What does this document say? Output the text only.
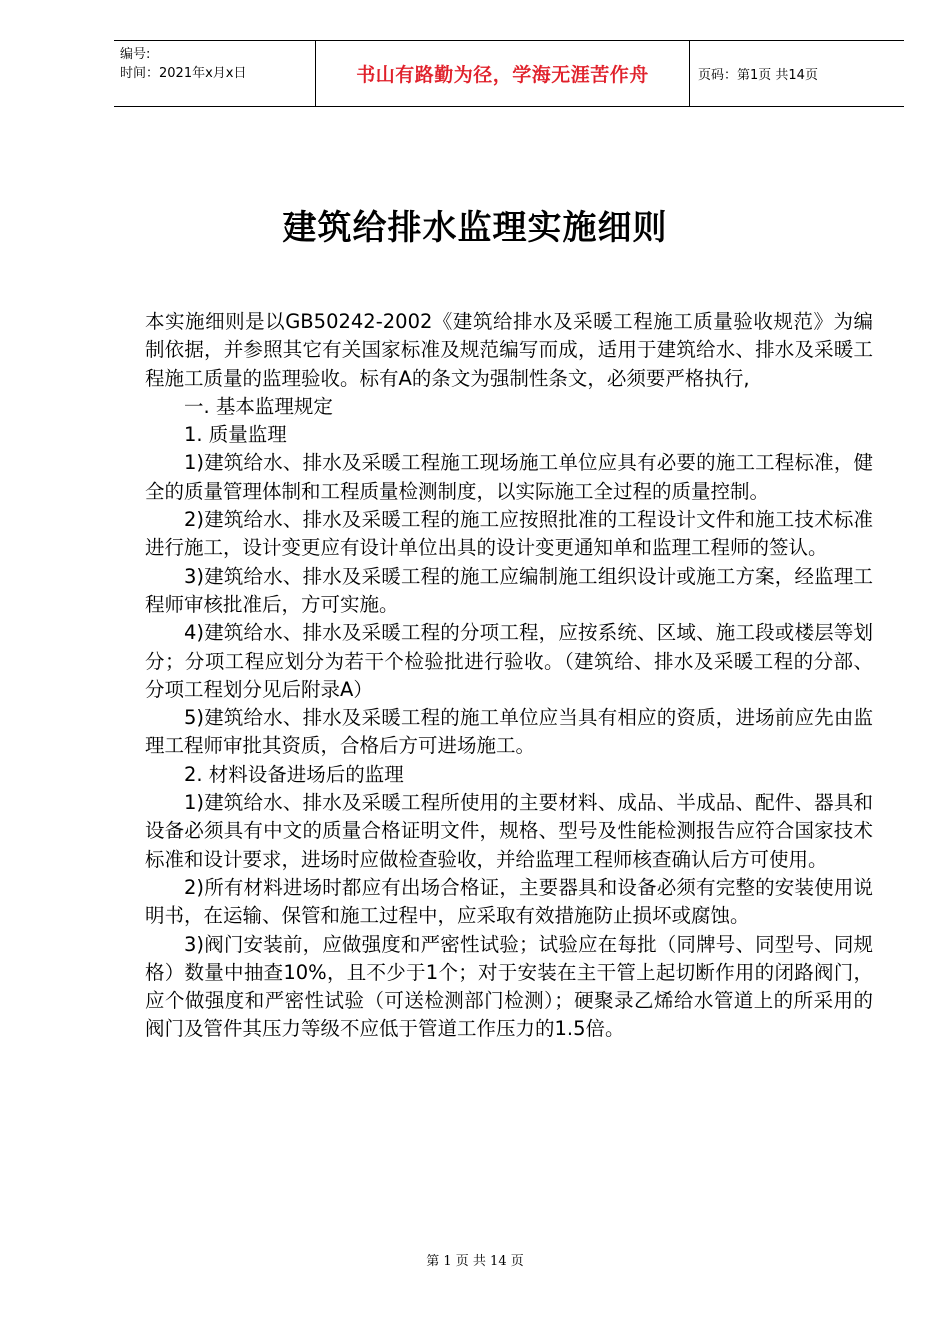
编号:
时间：2021年x月x日	书山有路勤为径，学海无涯苦作舟	页码：第1页 共14页
建筑给排水监理实施细则

本实施细则是以GB50242-2002《建筑给排水及采暖工程施工质量验收规范》为编制依据，并参照其它有关国家标准及规范编写而成，适用于建筑给水、排水及采暖工程施工质量的监理验收。标有A的条文为强制性条文，必须要严格执行,

一. 基本监理规定

1. 质量监理

1)建筑给水、排水及采暖工程施工现场施工单位应具有必要的施工工程标准，健全的质量管理体制和工程质量检测制度，以实际施工全过程的质量控制。

2)建筑给水、排水及采暖工程的施工应按照批准的工程设计文件和施工技术标准进行施工，设计变更应有设计单位出具的设计变更通知单和监理工程师的签认。

3)建筑给水、排水及采暖工程的施工应编制施工组织设计或施工方案，经监理工程师审核批准后，方可实施。

4)建筑给水、排水及采暖工程的分项工程，应按系统、区域、施工段或楼层等划分；分项工程应划分为若干个检验批进行验收。（建筑给、排水及采暖工程的分部、分项工程划分见后附录A）

5)建筑给水、排水及采暖工程的施工单位应当具有相应的资质，进场前应先由监理工程师审批其资质，合格后方可进场施工。

2. 材料设备进场后的监理

1)建筑给水、排水及采暖工程所使用的主要材料、成品、半成品、配件、器具和设备必须具有中文的质量合格证明文件，规格、型号及性能检测报告应符合国家技术标准和设计要求，进场时应做检查验收，并给监理工程师核查确认后方可使用。

2)所有材料进场时都应有出场合格证，主要器具和设备必须有完整的安装使用说明书，在运输、保管和施工过程中，应采取有效措施防止损坏或腐蚀。

3)阀门安装前，应做强度和严密性试验；试验应在每批（同牌号、同型号、同规格）数量中抽查10%，且不少于1个；对于安装在主干管上起切断作用的闭路阀门，应个做强度和严密性试验（可送检测部门检测）；硬聚录乙烯给水管道上的所采用的阀门及管件其压力等级不应低于管道工作压力的1.5倍。

第 1 页 共 14 页
